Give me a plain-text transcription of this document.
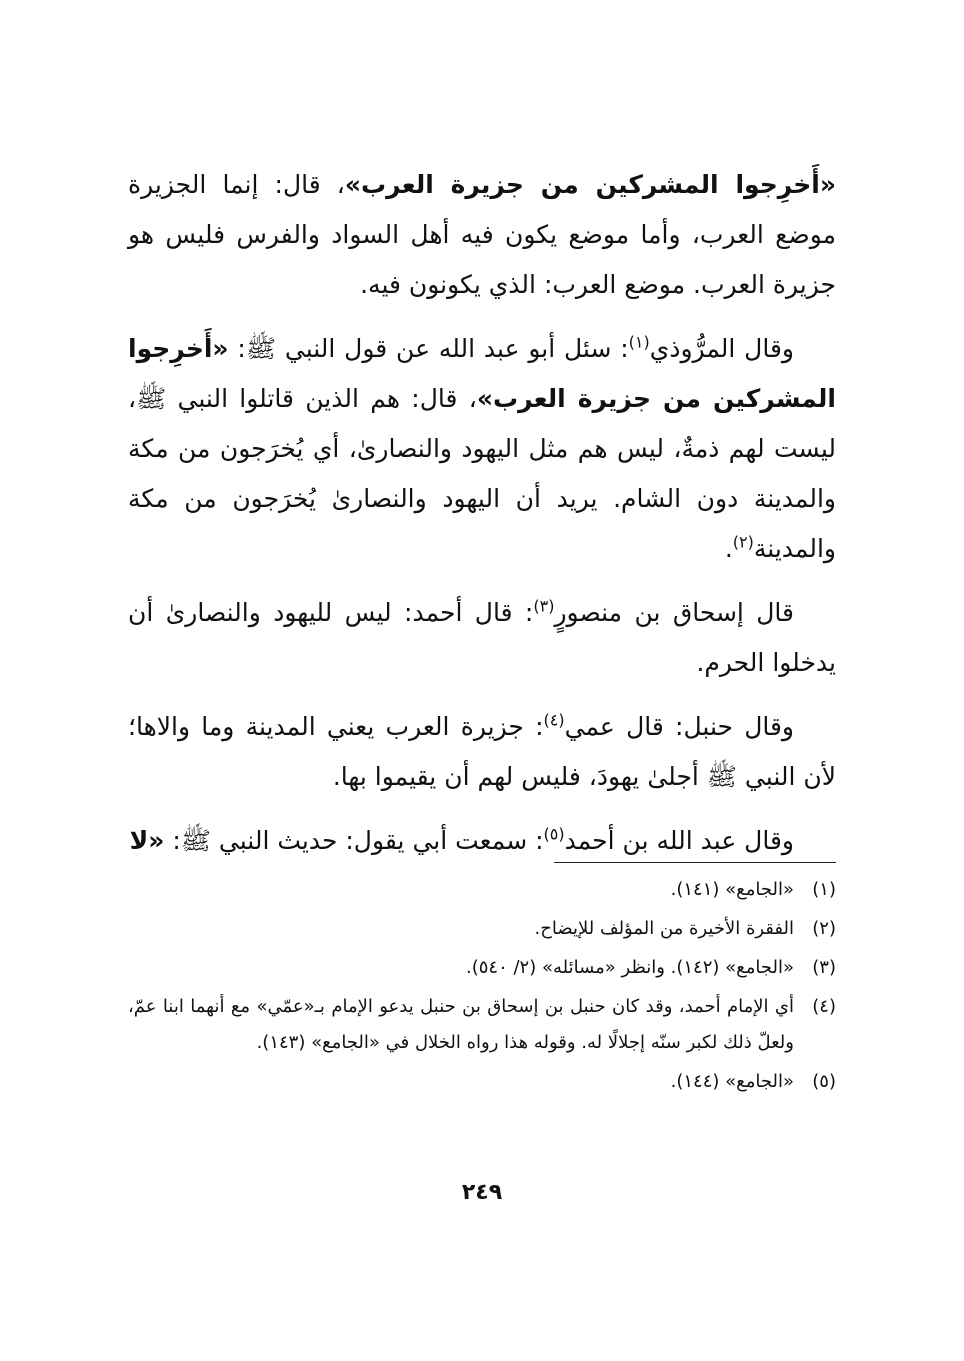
«أَخرِجوا المشركين من جزيرة العرب»، قال: إنما الجزيرة موضع العرب، وأما موضع يكون فيه أهل السواد والفرس فليس هو جزيرة العرب. موضع العرب: الذي يكونون فيه.

وقال المرُّوذي$^{(١)}$: سئل أبو عبد الله عن قول النبي ﷺ: «أَخرِجوا المشركين من جزيرة العرب»، قال: هم الذين قاتلوا النبي ﷺ، ليست لهم ذمةٌ، ليس هم مثل اليهود والنصارىٰ، أي يُخرَجون من مكة والمدينة دون الشام. يريد أن اليهود والنصارىٰ يُخرَجون من مكة والمدينة$^{(٢)}$.

قال إسحاق بن منصورٍ$^{(٣)}$: قال أحمد: ليس لليهود والنصارىٰ أن يدخلوا الحرم.

وقال حنبل: قال عمي$^{(٤)}$: جزيرة العرب يعني المدينة وما والاها؛ لأن النبي ﷺ أجلىٰ يهودَ، فليس لهم أن يقيموا بها.

وقال عبد الله بن أحمد$^{(٥)}$: سمعت أبي يقول: حديث النبي ﷺ: «لا

(١)
«الجامع» (١٤١).
(٢)
الفقرة الأخيرة من المؤلف للإيضاح.
(٣)
«الجامع» (١٤٢). وانظر «مسائله» (٢/ ٥٤٠).
(٤)
أي الإمام أحمد، وقد كان حنبل بن إسحاق بن حنبل يدعو الإمام بـ«عمّي» مع أنهما ابنا عمّ، ولعلّ ذلك لكبر سنّه إجلالًا له. وقوله هذا رواه الخلال في «الجامع» (١٤٣).
(٥)
«الجامع» (١٤٤).
٢٤٩
